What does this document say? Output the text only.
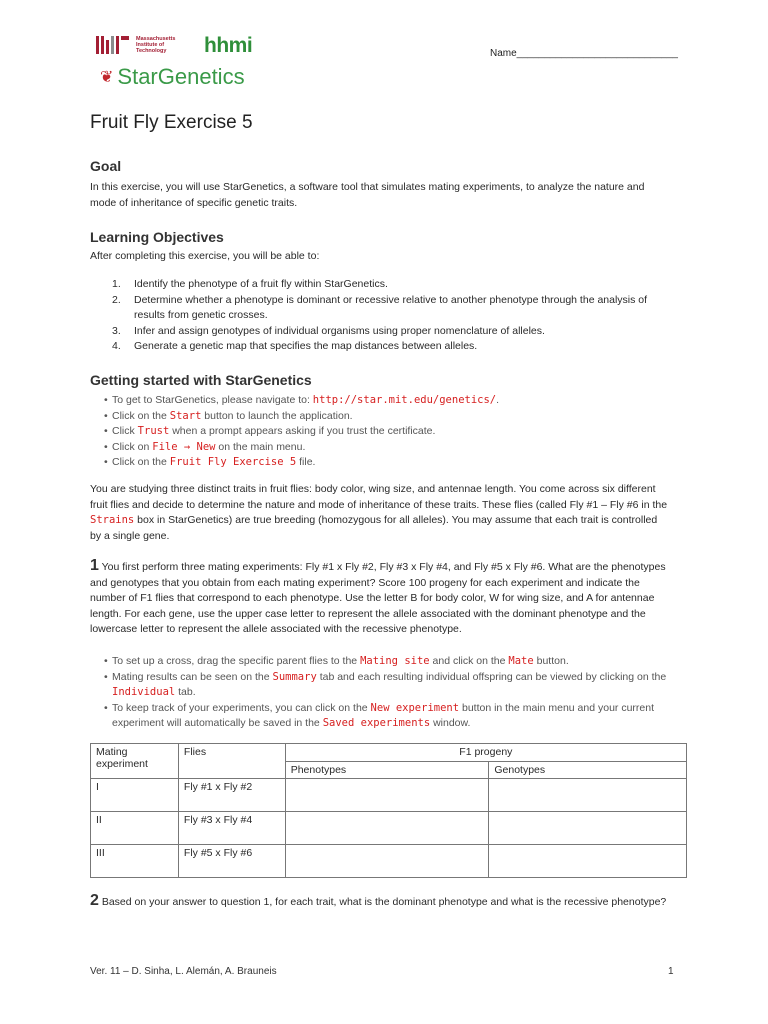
Massachusetts
Institute of
Technology	hhmi
❦ StarGenetics
Name_____________________________
Fruit Fly Exercise 5
Goal

In this exercise, you will use StarGenetics, a software tool that simulates mating experiments, to analyze the nature and mode of inheritance of specific genetic traits.

Learning Objectives

After completing this exercise, you will be able to:

1.	Identify the phenotype of a fruit fly within StarGenetics.
2.	Determine whether a phenotype is dominant or recessive relative to another phenotype through the analysis of results from genetic crosses.
3.	Infer and assign genotypes of individual organisms using proper nomenclature of alleles.
4.	Generate a genetic map that specifies the map distances between alleles.
Getting started with StarGenetics
• To get to StarGenetics, please navigate to: http://star.mit.edu/genetics/.
• Click on the Start button to launch the application.
• Click Trust when a prompt appears asking if you trust the certificate.
• Click on File → New on the main menu.
• Click on the Fruit Fly Exercise 5 file.

You are studying three distinct traits in fruit flies: body color, wing size, and antennae length. You come across six different fruit flies and decide to determine the nature and mode of inheritance of these traits. These flies (called Fly #1 – Fly #6 in the Strains box in StarGenetics) are true breeding (homozygous for all alleles). You may assume that each trait is controlled by a single gene.

1 You first perform three mating experiments: Fly #1 x Fly #2, Fly #3 x Fly #4, and Fly #5 x Fly #6. What are the phenotypes and genotypes that you obtain from each mating experiment? Score 100 progeny for each experiment and indicate the number of F1 flies that correspond to each phenotype. Use the letter B for body color, W for wing size, and A for antennae length. For each gene, use the upper case letter to represent the allele associated with the dominant phenotype and the lowercase letter to represent the allele associated with the recessive phenotype.

• To set up a cross, drag the specific parent flies to the Mating site and click on the Mate button.
• Mating results can be seen on the Summary tab and each resulting individual offspring can be viewed by clicking on the Individual tab.
• To keep track of your experiments, you can click on the New experiment button in the main menu and your current experiment will automatically be saved in the Saved experiments window.
Mating experiment	Flies	F1 progeny	
		Phenotypes	Genotypes
I	Fly #1 x Fly #2		
II	Fly #3 x Fly #4		
III	Fly #5 x Fly #6		

2 Based on your answer to question 1, for each trait, what is the dominant phenotype and what is the recessive phenotype?

Ver. 11 – D. Sinha, L. Alemán, A. Brauneis	1
